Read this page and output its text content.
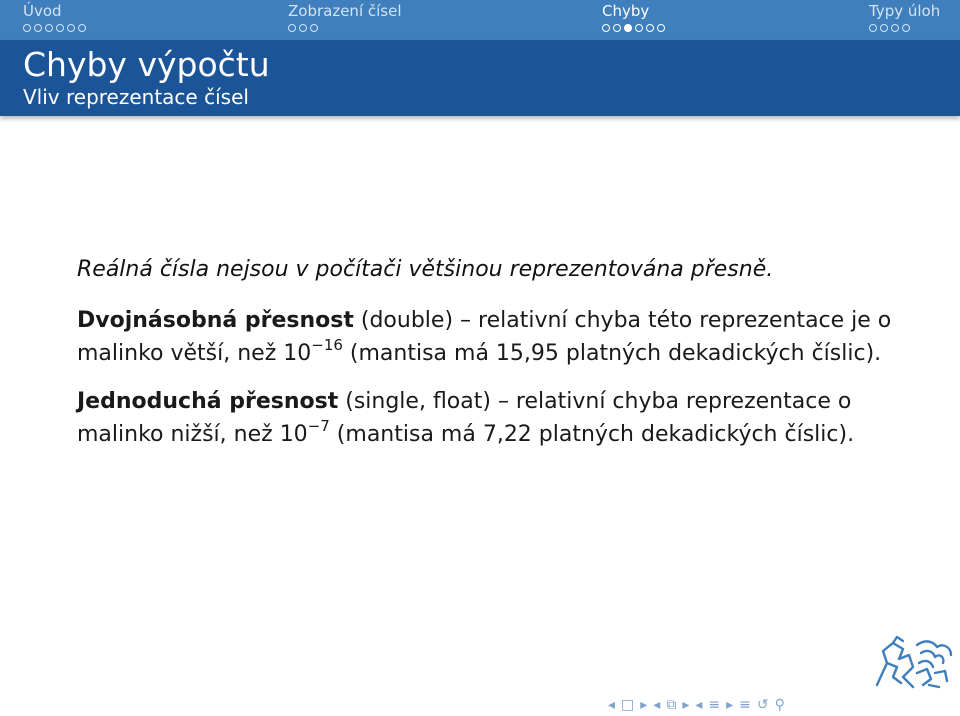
Úvod	Zobrazení čísel	Chyby	Typy úloh
Chyby výpočtu
Vliv reprezentace čísel

Reálná čísla nejsou v počítači většinou reprezentována přesně.

Dvojnásobná přesnost (double) – relativní chyba této reprezentace je o malinko větší, než $10^{-16}$ (mantisa má 15,95 platných dekadických číslic).

Jednoduchá přesnost (single, float) – relativní chyba reprezentace o malinko nižší, než $10^{-7}$ (mantisa má 7,22 platných dekadických číslic).

◂ □ ▸ ◂ ⧉ ▸ ◂ ≡ ▸ ≡ ↺ ⚲
